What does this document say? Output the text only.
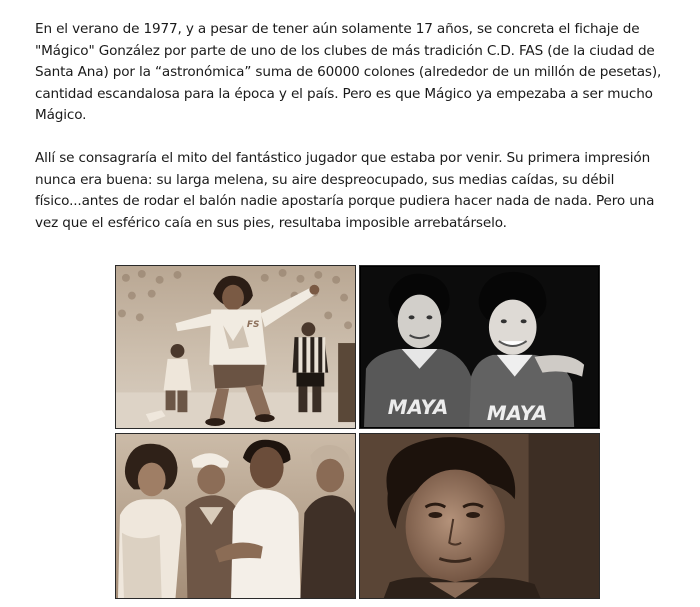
En el verano de 1977, y a pesar de tener aún solamente 17 años, se concreta el fichaje de "Mágico" González por parte de uno de los clubes de más tradición C.D. FAS (de la ciudad de Santa Ana) por la “astronómica” suma de 60000 colones (alrededor de un millón de pesetas), cantidad escandalosa para la época y el país. Pero es que Mágico ya empezaba a ser mucho Mágico.

Allí se consagraría el mito del fantástico jugador que estaba por venir. Su primera impresión nunca era buena: su larga melena, su aire despreocupado, sus medias caídas, su débil físico...antes de rodar el balón nadie apostaría porque pudiera hacer nada de nada. Pero una vez que el esférico caía en sus pies, resultaba imposible arrebatárselo.

FS
MAYA MAYA
